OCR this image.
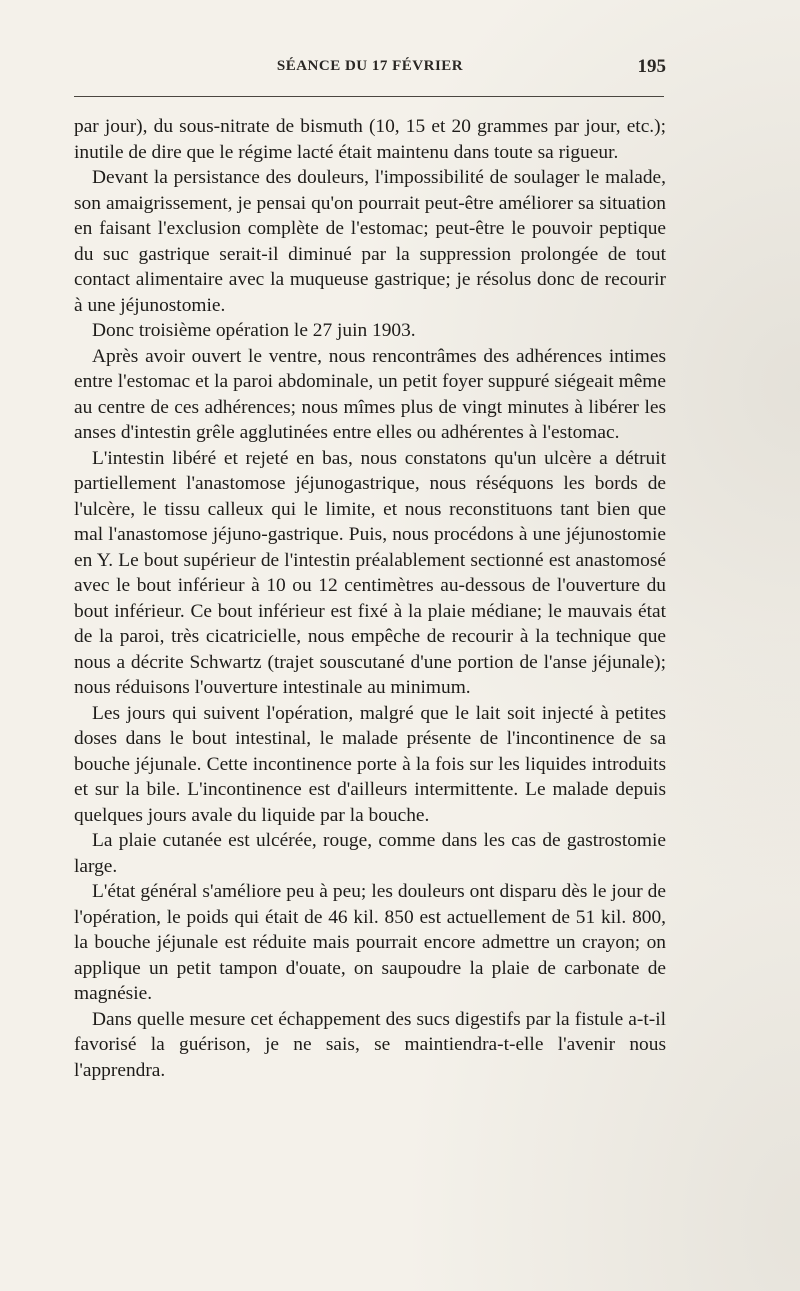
SÉANCE DU 17 FÉVRIER	195

par jour), du sous-nitrate de bismuth (10, 15 et 20 grammes par jour, etc.); inutile de dire que le régime lacté était maintenu dans toute sa rigueur.

Devant la persistance des douleurs, l'impossibilité de soulager le malade, son amaigrissement, je pensai qu'on pourrait peut-être améliorer sa situation en faisant l'exclusion complète de l'estomac; peut-être le pouvoir peptique du suc gastrique serait-il diminué par la suppression prolongée de tout contact alimentaire avec la muqueuse gastrique; je résolus donc de recourir à une jéjunostomie.

Donc troisième opération le 27 juin 1903.

Après avoir ouvert le ventre, nous rencontrâmes des adhérences intimes entre l'estomac et la paroi abdominale, un petit foyer suppuré siégeait même au centre de ces adhérences; nous mîmes plus de vingt minutes à libérer les anses d'intestin grêle agglutinées entre elles ou adhérentes à l'estomac.

L'intestin libéré et rejeté en bas, nous constatons qu'un ulcère a détruit partiellement l'anastomose jéjunogastrique, nous réséquons les bords de l'ulcère, le tissu calleux qui le limite, et nous reconstituons tant bien que mal l'anastomose jéjuno-gastrique. Puis, nous procédons à une jéjunostomie en Y. Le bout supérieur de l'intestin préalablement sectionné est anastomosé avec le bout inférieur à 10 ou 12 centimètres au-dessous de l'ouverture du bout inférieur. Ce bout inférieur est fixé à la plaie médiane; le mauvais état de la paroi, très cicatricielle, nous empêche de recourir à la technique que nous a décrite Schwartz (trajet souscutané d'une portion de l'anse jéjunale); nous réduisons l'ouverture intestinale au minimum.

Les jours qui suivent l'opération, malgré que le lait soit injecté à petites doses dans le bout intestinal, le malade présente de l'incontinence de sa bouche jéjunale. Cette incontinence porte à la fois sur les liquides introduits et sur la bile. L'incontinence est d'ailleurs intermittente. Le malade depuis quelques jours avale du liquide par la bouche.

La plaie cutanée est ulcérée, rouge, comme dans les cas de gastrostomie large.

L'état général s'améliore peu à peu; les douleurs ont disparu dès le jour de l'opération, le poids qui était de 46 kil. 850 est actuellement de 51 kil. 800, la bouche jéjunale est réduite mais pourrait encore admettre un crayon; on applique un petit tampon d'ouate, on saupoudre la plaie de carbonate de magnésie.

Dans quelle mesure cet échappement des sucs digestifs par la fistule a-t-il favorisé la guérison, je ne sais, se maintiendra-t-elle l'avenir nous l'apprendra.
